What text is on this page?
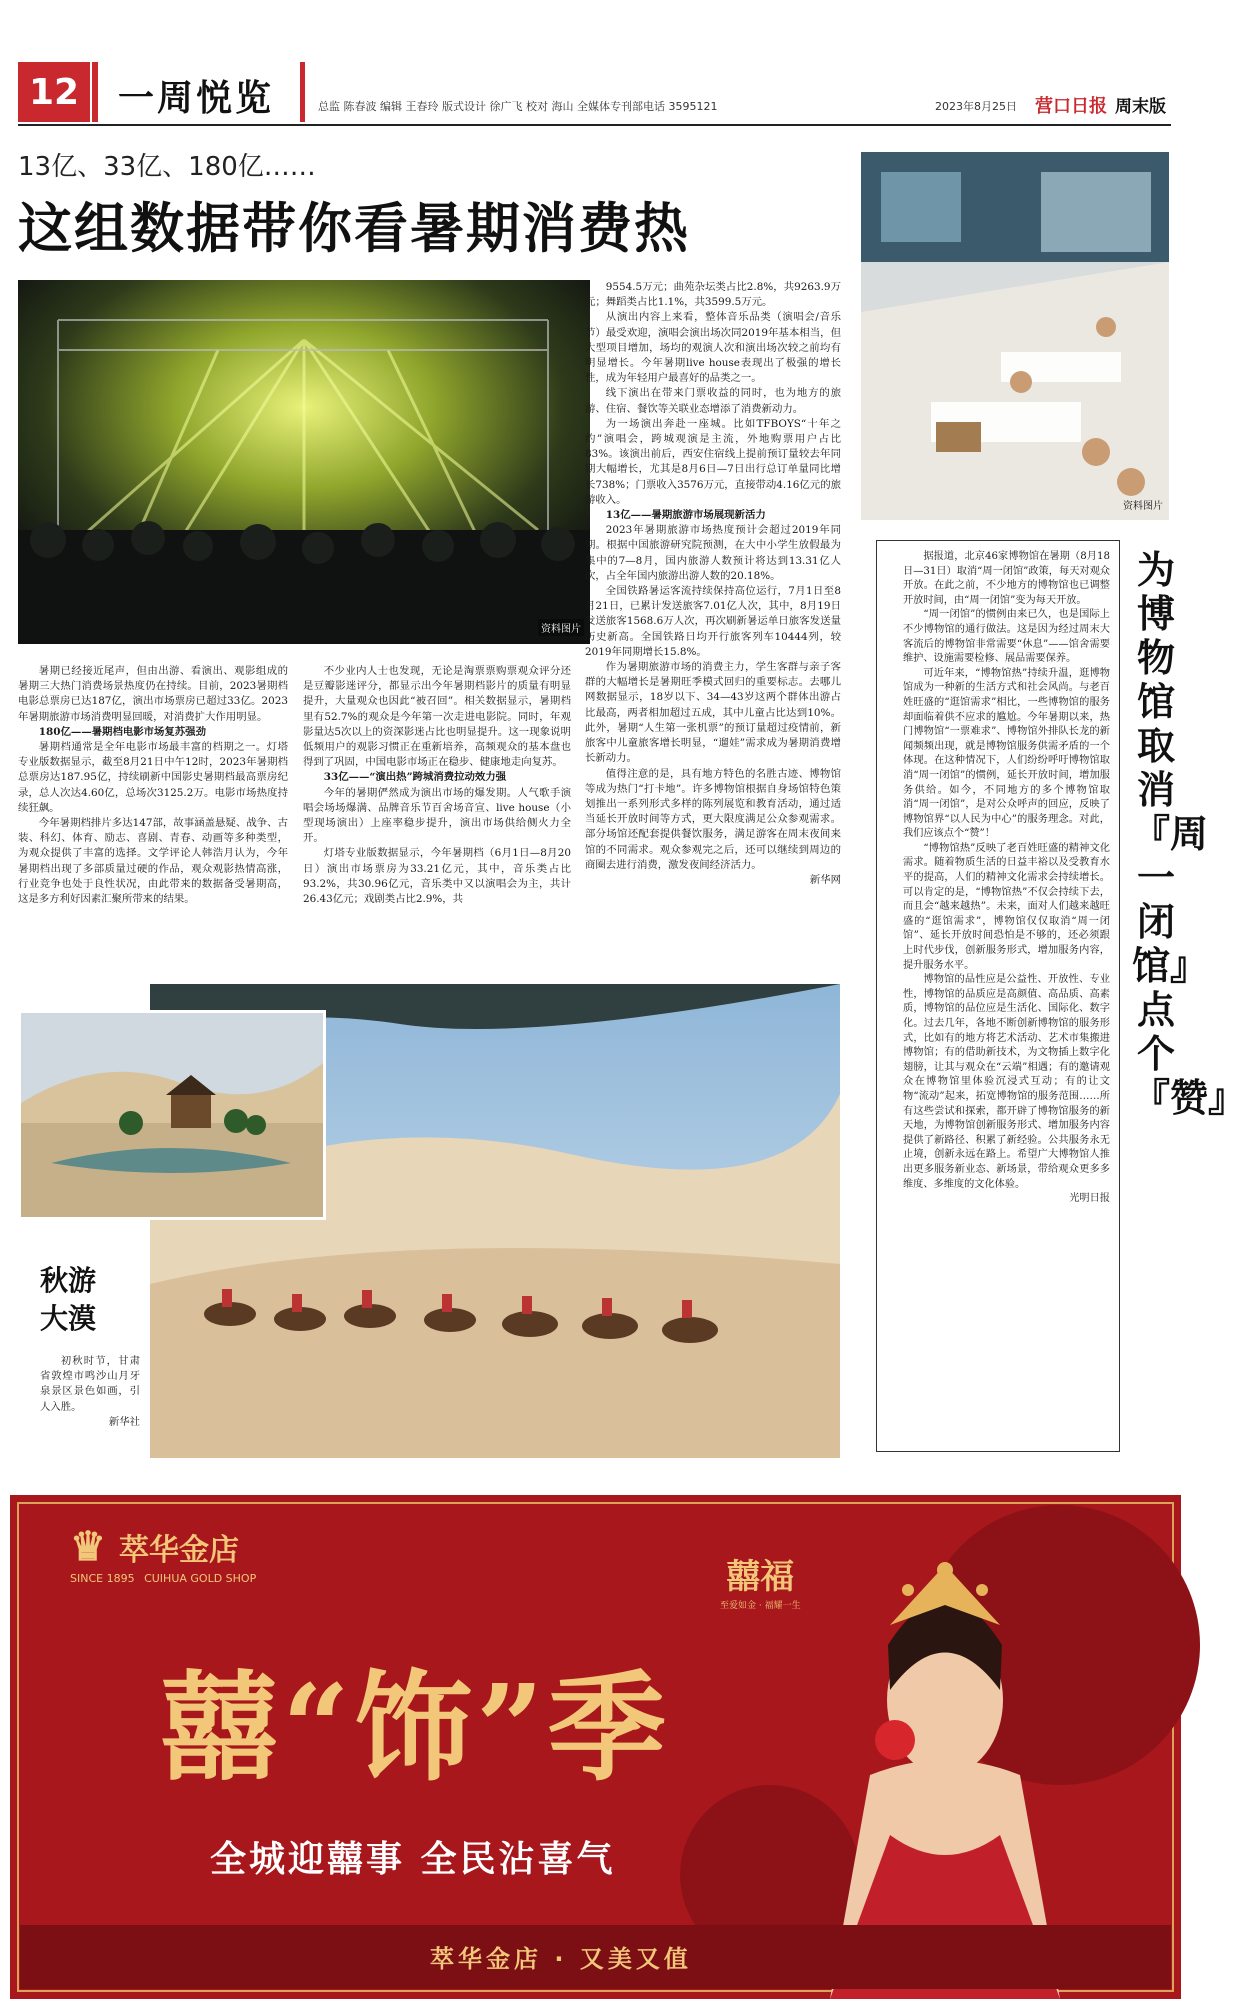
12	一周悦览	总监 陈春波 编辑 王春玲 版式设计 徐广飞 校对 海山 全媒体专刊部电话 3595121	2023年8月25日 营口日报 周末版
13亿、33亿、180亿……
这组数据带你看暑期消费热
资料图片
资料图片

暑期已经接近尾声，但由出游、看演出、观影组成的暑期三大热门消费场景热度仍在持续。目前，2023暑期档电影总票房已达187亿，演出市场票房已超过33亿。2023年暑期旅游市场消费明显回暖，对消费扩大作用明显。

180亿——暑期档电影市场复苏强劲

暑期档通常是全年电影市场最丰富的档期之一。灯塔专业版数据显示，截至8月21日中午12时，2023年暑期档总票房达187.95亿，持续刷新中国影史暑期档最高票房纪录，总人次达4.60亿，总场次3125.2万。电影市场热度持续狂飙。

今年暑期档排片多达147部，故事涵盖悬疑、战争、古装、科幻、体育、励志、喜剧、青春、动画等多种类型，为观众提供了丰富的选择。文学评论人韩浩月认为，今年暑期档出现了多部质量过硬的作品，观众观影热情高涨，行业竞争也处于良性状况，由此带来的数据备受暑期高，这是多方利好因素汇聚所带来的结果。

不少业内人士也发现，无论是淘票票购票观众评分还是豆瓣影迷评分，都显示出今年暑期档影片的质量有明显提升，大量观众也因此“被召回”。相关数据显示，暑期档里有52.7%的观众是今年第一次走进电影院。同时，年观影量达5次以上的资深影迷占比也明显提升。这一现象说明低频用户的观影习惯正在重新培养，高频观众的基本盘也得到了巩固，中国电影市场正在稳步、健康地走向复苏。

33亿——“演出热”跨城消费拉动效力强

今年的暑期俨然成为演出市场的爆发期。人气歌手演唱会场场爆满、品牌音乐节百舍场音宣、live house（小型现场演出）上座率稳步提升，演出市场供给侧火力全开。

灯塔专业版数据显示，今年暑期档（6月1日—8月20日）演出市场票房为33.21亿元，其中，音乐类占比93.2%，共30.96亿元，音乐类中又以演唱会为主，共计26.43亿元；戏剧类占比2.9%，共

9554.5万元；曲苑杂坛类占比2.8%，共9263.9万元；舞蹈类占比1.1%，共3599.5万元。

从演出内容上来看，整体音乐品类（演唱会/音乐节）最受欢迎，演唱会演出场次同2019年基本相当，但大型项目增加，场均的观演人次和演出场次较之前均有明显增长。今年暑期live house表现出了极强的增长性，成为年轻用户最喜好的品类之一。

线下演出在带来门票收益的同时，也为地方的旅游、住宿、餐饮等关联业态增添了消费新动力。

为一场演出奔赴一座城。比如TFBOYS“十年之约”演唱会，跨城观演是主流，外地购票用户占比83%。该演出前后，西安住宿线上提前预订量较去年同期大幅增长，尤其是8月6日—7日出行总订单量同比增长738%；门票收入3576万元，直接带动4.16亿元的旅游收入。

13亿——暑期旅游市场展现新活力

2023年暑期旅游市场热度预计会超过2019年同期。根据中国旅游研究院预测，在大中小学生放假最为集中的7—8月，国内旅游人数预计将达到13.31亿人次，占全年国内旅游出游人数的20.18%。

全国铁路暑运客流持续保持高位运行，7月1日至8月21日，已累计发送旅客7.01亿人次，其中，8月19日发送旅客1568.6万人次，再次刷新暑运单日旅客发送量历史新高。全国铁路日均开行旅客列车10444列，较2019年同期增长15.8%。

作为暑期旅游市场的消费主力，学生客群与亲子客群的大幅增长是暑期旺季模式回归的重要标志。去哪儿网数据显示，18岁以下、34—43岁这两个群体出游占比最高，两者相加超过五成，其中儿童占比达到10%。此外，暑期“人生第一张机票”的预订量超过疫情前，新旅客中儿童旅客增长明显，“遛娃”需求成为暑期消费增长新动力。

值得注意的是，具有地方特色的名胜古迹、博物馆等成为热门“打卡地”。许多博物馆根据自身场馆特色策划推出一系列形式多样的陈列展览和教育活动，通过适当延长开放时间等方式，更大限度满足公众参观需求。部分场馆还配套提供餐饮服务，满足游客在周末夜间来馆的不同需求。观众参观完之后，还可以继续到周边的商圈去进行消费，激发夜间经济活力。

新华网

秋游
大漠

初秋时节，甘肃省敦煌市鸣沙山月牙泉景区景色如画，引人入胜。

新华社

为博物馆取消『周一闭馆』点个『赞』

据报道，北京46家博物馆在暑期（8月18日—31日）取消“周一闭馆”政策，每天对观众开放。在此之前，不少地方的博物馆也已调整开放时间，由“周一闭馆”变为每天开放。

“周一闭馆”的惯例由来已久，也是国际上不少博物馆的通行做法。这是因为经过周末大客流后的博物馆非常需要“休息”——馆舍需要维护、设施需要检修、展品需要保养。

可近年来，“博物馆热”持续升温，逛博物馆成为一种新的生活方式和社会风尚。与老百姓旺盛的“逛馆需求”相比，一些博物馆的服务却面临着供不应求的尴尬。今年暑期以来，热门博物馆“一票难求”、博物馆外排队长龙的新闻频频出现，就是博物馆服务供需矛盾的一个体现。在这种情况下，人们纷纷呼吁博物馆取消“周一闭馆”的惯例，延长开放时间，增加服务供给。如今，不同地方的多个博物馆取消“周一闭馆”，是对公众呼声的回应，反映了博物馆界“以人民为中心”的服务理念。对此，我们应该点个“赞”！

“博物馆热”反映了老百姓旺盛的精神文化需求。随着物质生活的日益丰裕以及受教育水平的提高，人们的精神文化需求会持续增长。可以肯定的是，“博物馆热”不仅会持续下去，而且会“越来越热”。未来，面对人们越来越旺盛的“逛馆需求”，博物馆仅仅取消“周一闭馆”、延长开放时间恐怕是不够的，还必须跟上时代步伐，创新服务形式，增加服务内容，提升服务水平。

博物馆的品性应是公益性、开放性、专业性，博物馆的品质应是高颜值、高品质、高素质，博物馆的品位应是生活化、国际化、数字化。过去几年，各地不断创新博物馆的服务形式，比如有的地方将艺术活动、艺术市集搬进博物馆；有的借助新技术，为文物插上数字化翅膀，让其与观众在“云端”相遇；有的邀请观众在博物馆里体验沉浸式互动；有的让文物“流动”起来，拓宽博物馆的服务范围……所有这些尝试和探索，都开辟了博物馆服务的新天地，为博物馆创新服务形式、增加服务内容提供了新路径、积累了新经验。公共服务永无止境，创新永远在路上。希望广大博物馆人推出更多服务新业态、新场景，带给观众更多多维度、多维度的文化体验。

光明日报

♛ 萃华金店
SINCE 1895 CUIHUA GOLD SHOP	囍福
至爱如金 · 福耀一生
囍“饰”季
全城迎囍事 全民沾喜气
萃华金店 · 又美又值
